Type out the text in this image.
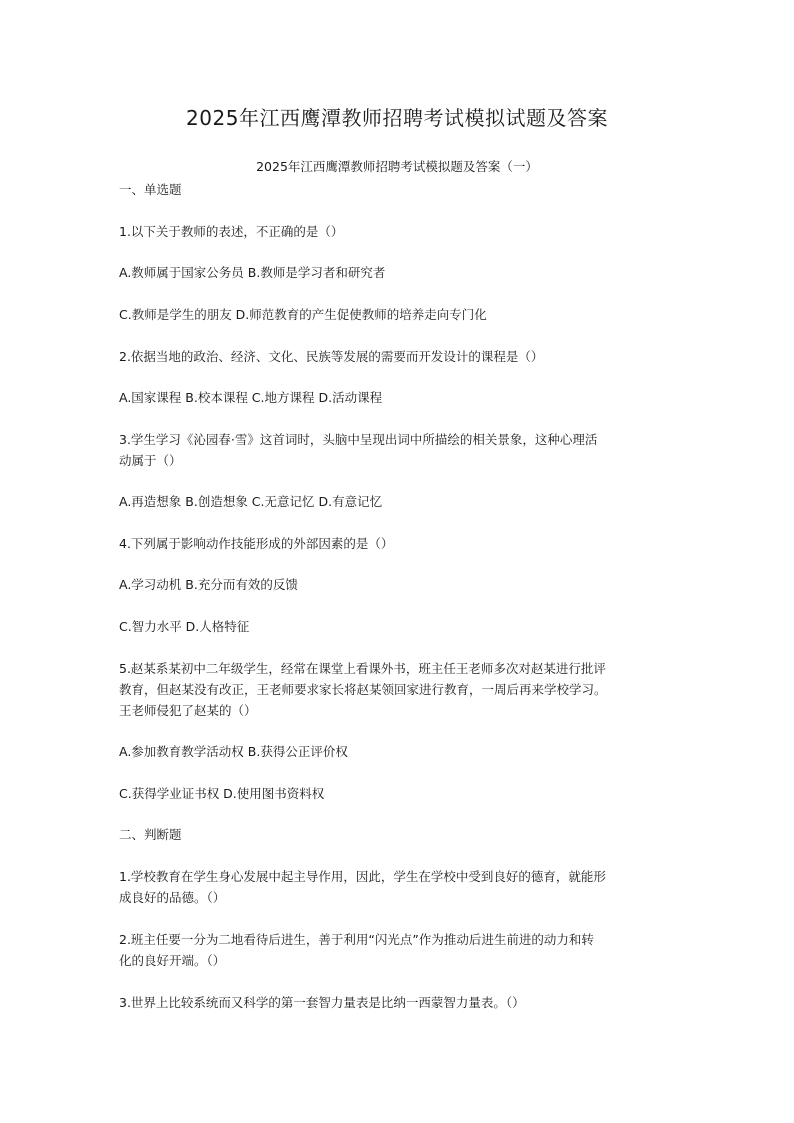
2025年江西鹰潭教师招聘考试模拟试题及答案
2025年江西鹰潭教师招聘考试模拟题及答案（一）
一、单选题
1.以下关于教师的表述，不正确的是（）
A.教师属于国家公务员 B.教师是学习者和研究者
C.教师是学生的朋友 D.师范教育的产生促使教师的培养走向专门化
2.依据当地的政治、经济、文化、民族等发展的需要而开发设计的课程是（）
A.国家课程 B.校本课程 C.地方课程 D.活动课程
3.学生学习《沁园春·雪》这首词时，头脑中呈现出词中所描绘的相关景象，这种心理活
动属于（）
A.再造想象 B.创造想象 C.无意记忆 D.有意记忆
4.下列属于影响动作技能形成的外部因素的是（）
A.学习动机 B.充分而有效的反馈
C.智力水平 D.人格特征
5.赵某系某初中二年级学生，经常在课堂上看课外书，班主任王老师多次对赵某进行批评
教育，但赵某没有改正，王老师要求家长将赵某领回家进行教育，一周后再来学校学习。
王老师侵犯了赵某的（）
A.参加教育教学活动权 B.获得公正评价权
C.获得学业证书权 D.使用图书资料权
二、判断题
1.学校教育在学生身心发展中起主导作用，因此，学生在学校中受到良好的德育，就能形
成良好的品德。（）
2.班主任要一分为二地看待后进生，善于利用“闪光点”作为推动后进生前进的动力和转
化的良好开端。（）
3.世界上比较系统而又科学的第一套智力量表是比纳一西蒙智力量表。（）
